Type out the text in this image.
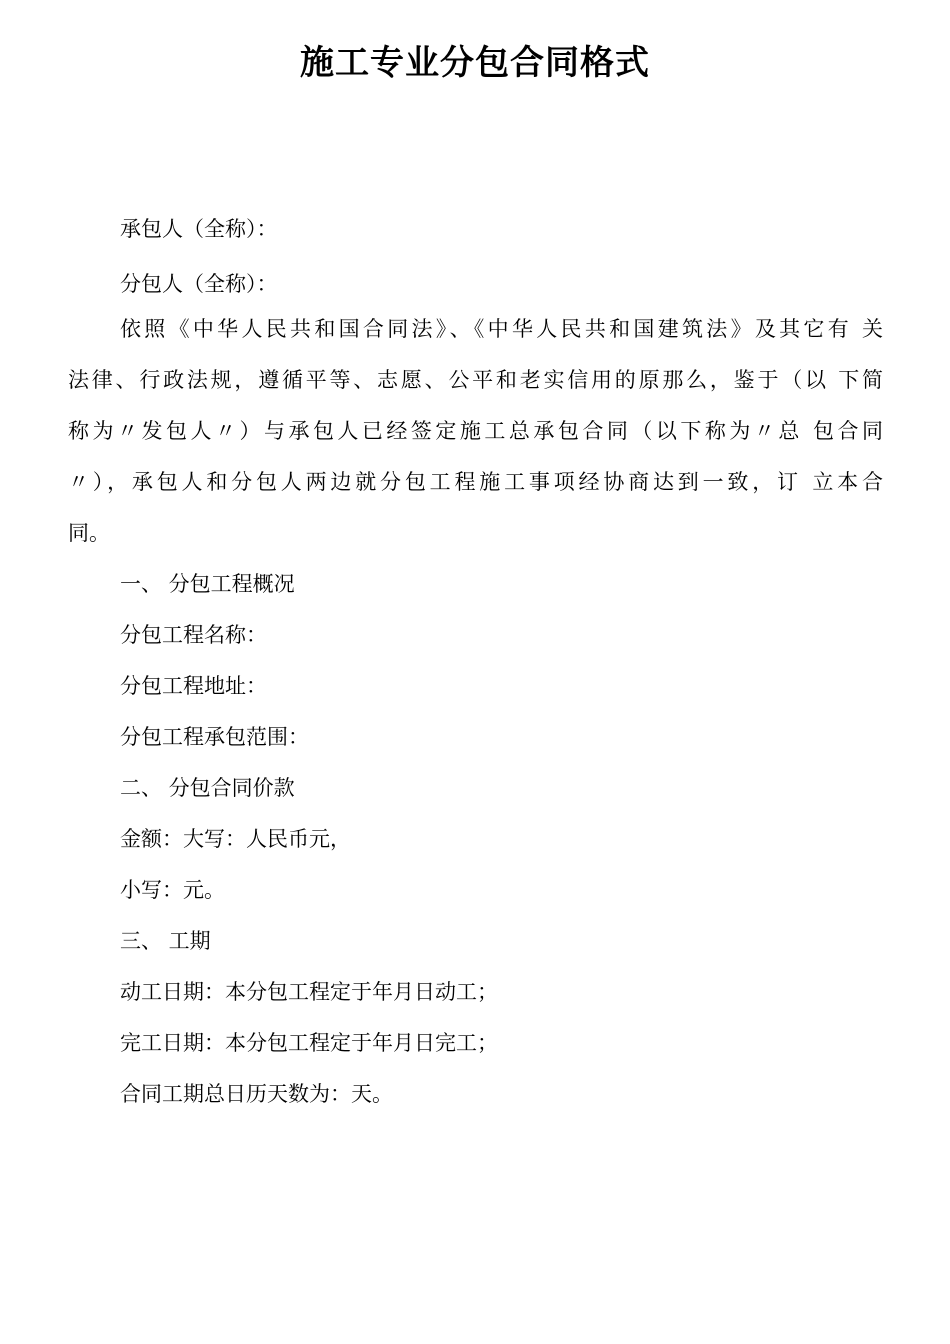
施工专业分包合同格式

承包人（全称）：

分包人（全称）：

依照《中华人民共和国合同法》、《中华人民共和国建筑法》及其它有 关
法律、行政法规，遵循平等、志愿、公平和老实信用的原那么，鉴于（以 下简
称为〃发包人〃）与承包人已经签定施工总承包合同（以下称为〃总 包合同
〃），承包人和分包人两边就分包工程施工事项经协商达到一致，订 立本合
同。

一、 分包工程概况

分包工程名称：

分包工程地址：

分包工程承包范围：

二、 分包合同价款

金额：大写：人民币元，

小写：元。

三、 工期

动工日期：本分包工程定于年月日动工；

完工日期：本分包工程定于年月日完工；

合同工期总日历天数为：天。
